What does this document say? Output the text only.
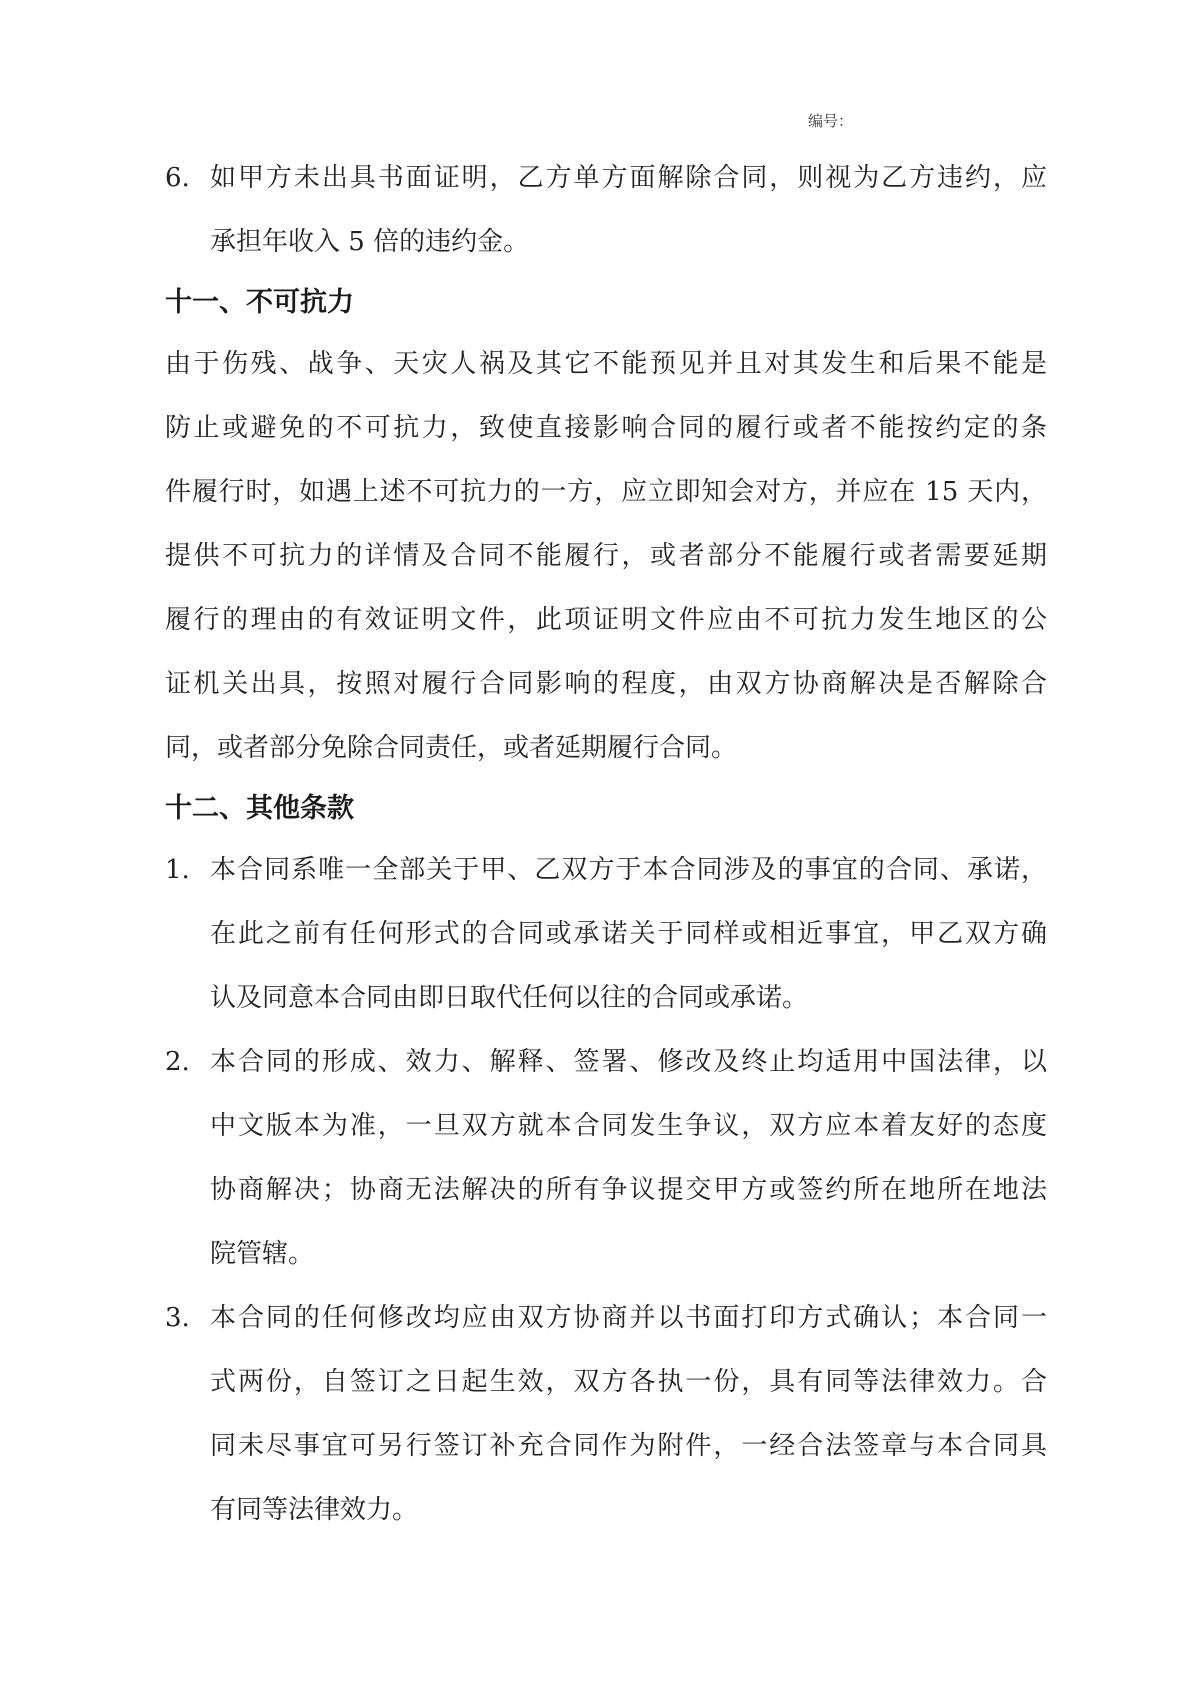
编号：
6. 如甲方未出具书面证明，乙方单方面解除合同，则视为乙方违约，应
承担年收入 5 倍的违约金。
十一、不可抗力
由于伤残、战争、天灾人祸及其它不能预见并且对其发生和后果不能是
防止或避免的不可抗力，致使直接影响合同的履行或者不能按约定的条
件履行时，如遇上述不可抗力的一方，应立即知会对方，并应在 15 天内，
提供不可抗力的详情及合同不能履行，或者部分不能履行或者需要延期
履行的理由的有效证明文件，此项证明文件应由不可抗力发生地区的公
证机关出具，按照对履行合同影响的程度，由双方协商解决是否解除合
同，或者部分免除合同责任，或者延期履行合同。
十二、其他条款
1. 本合同系唯一全部关于甲、乙双方于本合同涉及的事宜的合同、承诺，
在此之前有任何形式的合同或承诺关于同样或相近事宜，甲乙双方确
认及同意本合同由即日取代任何以往的合同或承诺。
2. 本合同的形成、效力、解释、签署、修改及终止均适用中国法律，以
中文版本为准，一旦双方就本合同发生争议，双方应本着友好的态度
协商解决；协商无法解决的所有争议提交甲方或签约所在地所在地法
院管辖。
3. 本合同的任何修改均应由双方协商并以书面打印方式确认；本合同一
式两份，自签订之日起生效，双方各执一份，具有同等法律效力。合
同未尽事宜可另行签订补充合同作为附件，一经合法签章与本合同具
有同等法律效力。
